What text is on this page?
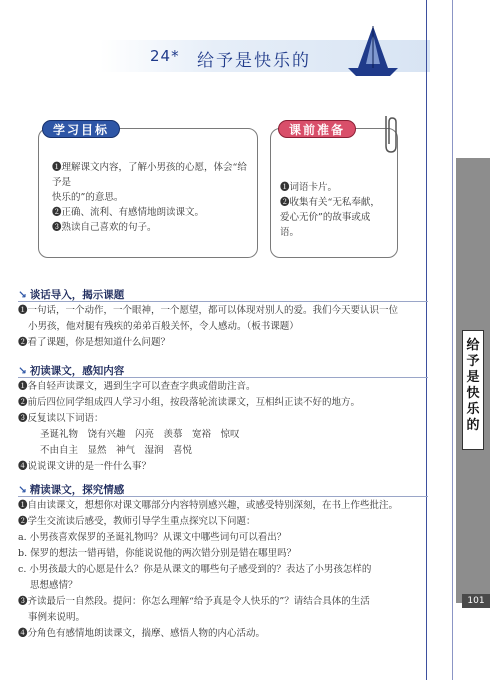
24* 给予是快乐的
学习目标
❶理解课文内容，了解小男孩的心愿，体会“给予是
快乐的”的意思。
❷正确、流利、有感情地朗读课文。
❸熟读自己喜欢的句子。
课前准备
❶词语卡片。
❷收集有关“无私奉献，
爱心无价”的故事或成
语。
↘ 谈话导入，揭示课题
❶一句话，一个动作，一个眼神，一个愿望，都可以体现对别人的爱。我们今天要认识一位
小男孩，他对腿有残疾的弟弟百般关怀，令人感动。（板书课题）
❷看了课题，你是想知道什么问题？
↘ 初读课文，感知内容
❶各自轻声读课文，遇到生字可以查查字典或借助注音。
❷前后四位同学组成四人学习小组，按段落轮流读课文，互相纠正读不好的地方。
❸反复读以下词语：
圣诞礼物　饶有兴趣　闪亮　羡慕　宽裕　惊叹
不由自主　显然　神气　湿润　喜悦
❹说说课文讲的是一件什么事？
↘ 精读课文，探究情感
❶自由读课文，想想你对课文哪部分内容特别感兴趣，或感受特别深刻，在书上作些批注。
❷学生交流读后感受，教师引导学生重点探究以下问题：
a. 小男孩喜欢保罗的圣诞礼物吗？从课文中哪些词句可以看出？
b. 保罗的想法一错再错，你能说说他的两次错分别是错在哪里吗？
c. 小男孩最大的心愿是什么？你是从课文的哪些句子感受到的？表达了小男孩怎样的
思想感情？
❸齐读最后一自然段。提问：你怎么理解“给予真是令人快乐的”？请结合具体的生活
事例来说明。
❹分角色有感情地朗读课文，揣摩、感悟人物的内心活动。
给予是快乐的
101
